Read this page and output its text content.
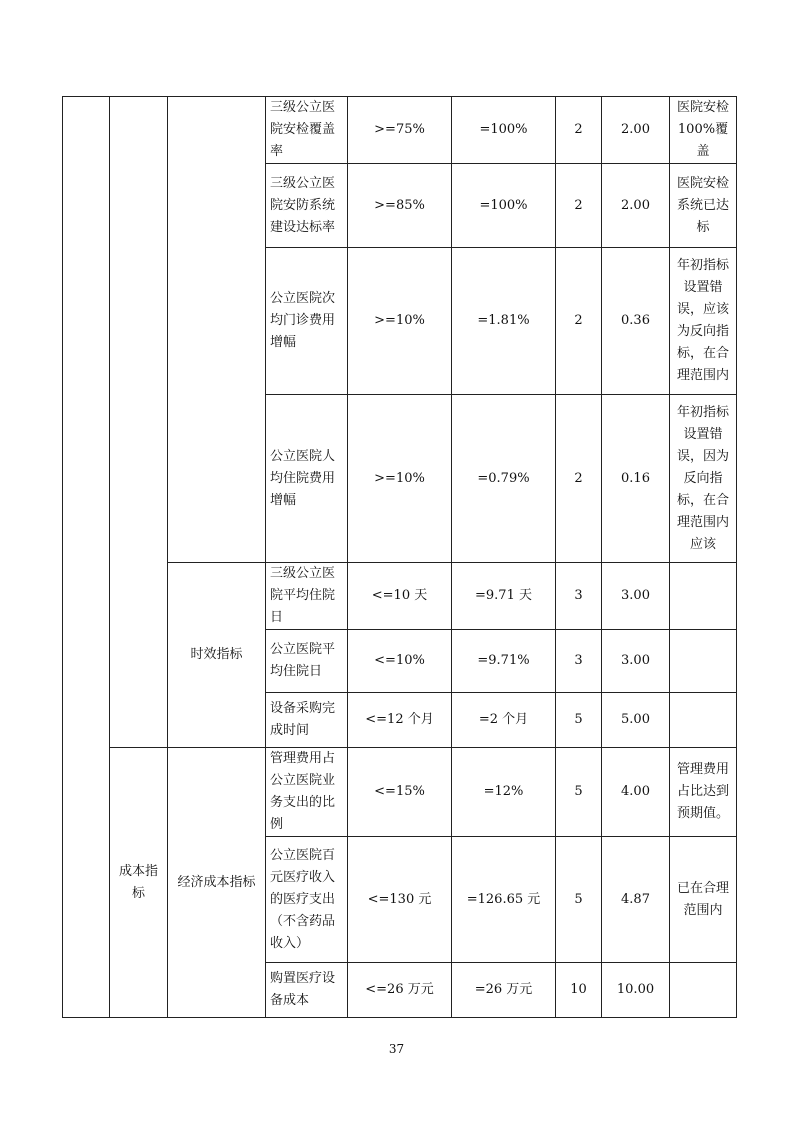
			三级公立医院安检覆盖率	>=75%	=100%	2	2.00	医院安检 100%覆盖
			三级公立医院安防系统建设达标率	>=85%	=100%	2	2.00	医院安检系统已达标
			公立医院次均门诊费用增幅	>=10%	=1.81%	2	0.36	年初指标设置错误，应该为反向指标，在合理范围内
			公立医院人均住院费用增幅	>=10%	=0.79%	2	0.16	年初指标设置错误，因为反向指标，在合理范围内应该
		时效指标	三级公立医院平均住院日	<=10 天	=9.71 天	3	3.00	
			公立医院平均住院日	<=10%	=9.71%	3	3.00	
			设备采购完成时间	<=12 个月	=2 个月	5	5.00	
	成本指标	经济成本指标	管理费用占公立医院业务支出的比例	<=15%	=12%	5	4.00	管理费用占比达到预期值。
			公立医院百元医疗收入的医疗支出（不含药品收入）	<=130 元	=126.65 元	5	4.87	已在合理范围内
			购置医疗设备成本	<=26 万元	=26 万元	10	10.00	
37
